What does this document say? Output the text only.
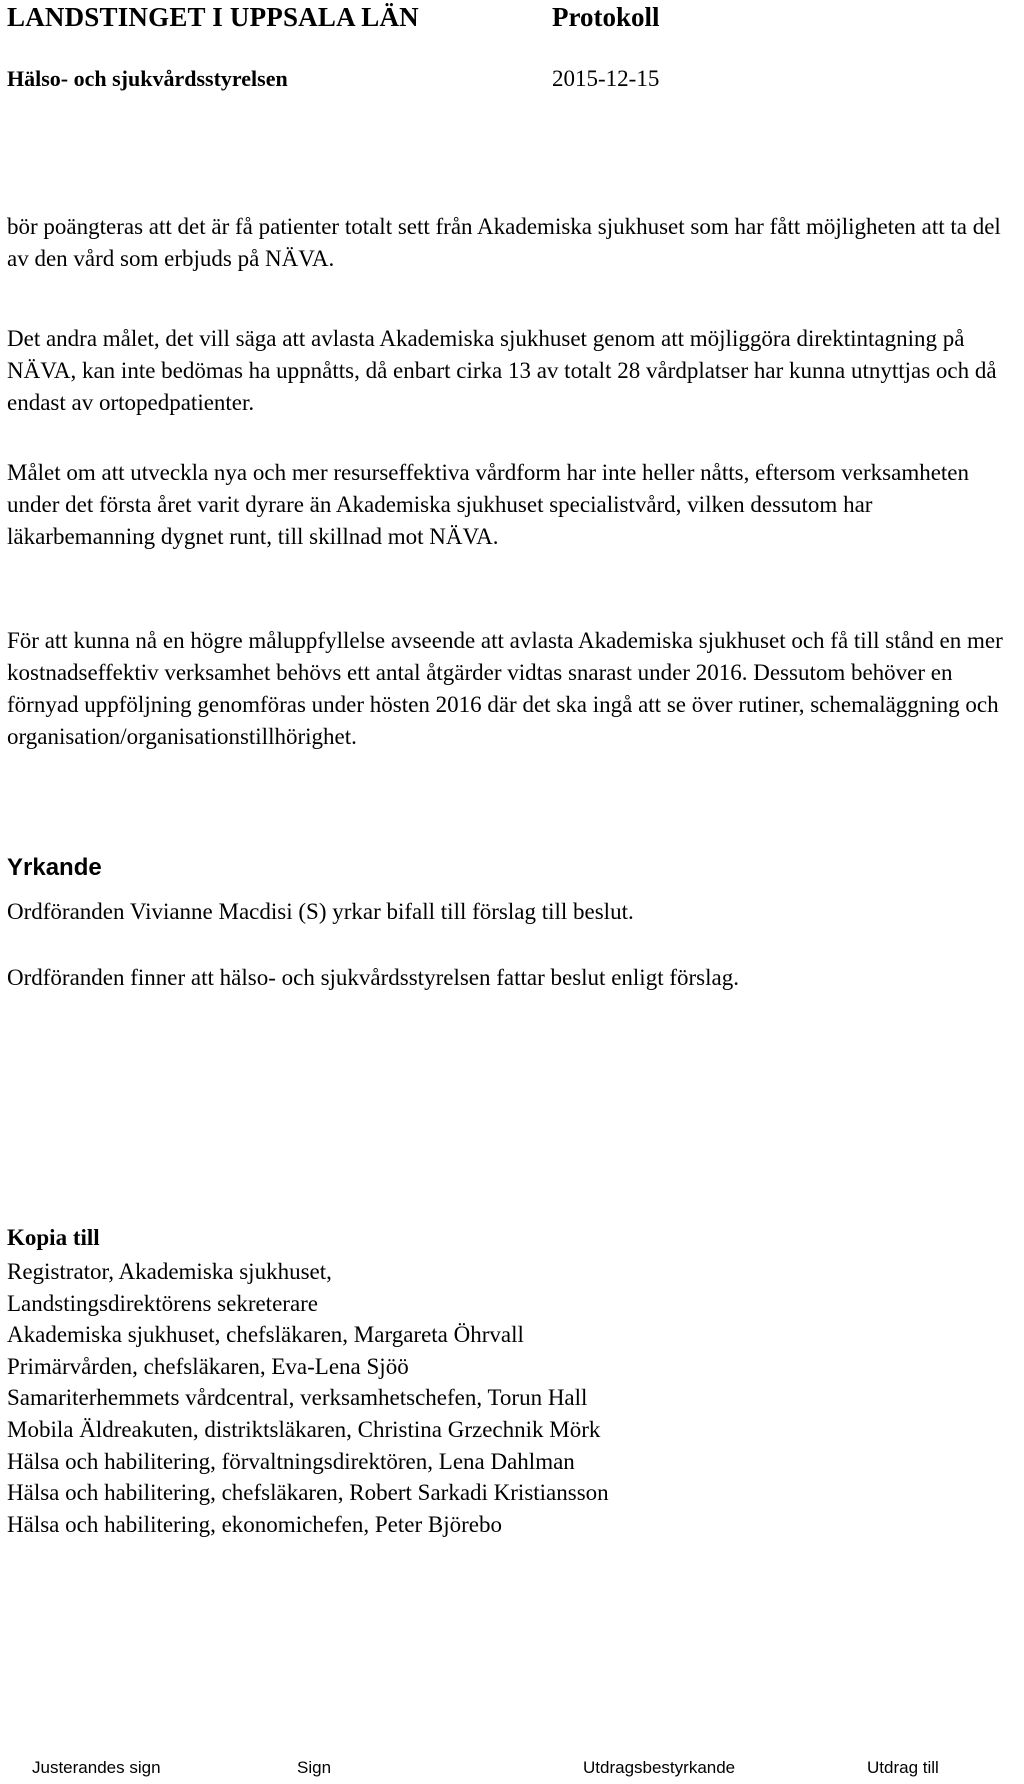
LANDSTINGET I UPPSALA LÄN	Protokoll
Hälso- och sjukvårdsstyrelsen	2015-12-15

bör poängteras att det är få patienter totalt sett från Akademiska sjukhuset som har fått möjligheten att ta del av den vård som erbjuds på NÄVA.

Det andra målet, det vill säga att avlasta Akademiska sjukhuset genom att möjliggöra direktintagning på NÄVA, kan inte bedömas ha uppnåtts, då enbart cirka 13 av totalt 28 vårdplatser har kunna utnyttjas och då endast av ortopedpatienter.

Målet om att utveckla nya och mer resurseffektiva vårdform har inte heller nåtts, eftersom verksamheten under det första året varit dyrare än Akademiska sjukhuset specialistvård, vilken dessutom har läkarbemanning dygnet runt, till skillnad mot NÄVA.

För att kunna nå en högre måluppfyllelse avseende att avlasta Akademiska sjukhuset och få till stånd en mer kostnadseffektiv verksamhet behövs ett antal åtgärder vidtas snarast under 2016. Dessutom behöver en förnyad uppföljning genomföras under hösten 2016 där det ska ingå att se över rutiner, schemaläggning och organisation/organisationstillhörighet.

Yrkande

Ordföranden Vivianne Macdisi (S) yrkar bifall till förslag till beslut.

Ordföranden finner att hälso- och sjukvårdsstyrelsen fattar beslut enligt förslag.

Kopia till
Registrator, Akademiska sjukhuset,
Landstingsdirektörens sekreterare
Akademiska sjukhuset, chefsläkaren, Margareta Öhrvall
Primärvården, chefsläkaren, Eva-Lena Sjöö
Samariterhemmets vårdcentral, verksamhetschefen, Torun Hall
Mobila Äldreakuten, distriktsläkaren, Christina Grzechnik Mörk
Hälsa och habilitering, förvaltningsdirektören, Lena Dahlman
Hälsa och habilitering, chefsläkaren, Robert Sarkadi Kristiansson
Hälsa och habilitering, ekonomichefen, Peter Björebo
Justerandes sign	Sign	Utdragsbestyrkande	Utdrag till
